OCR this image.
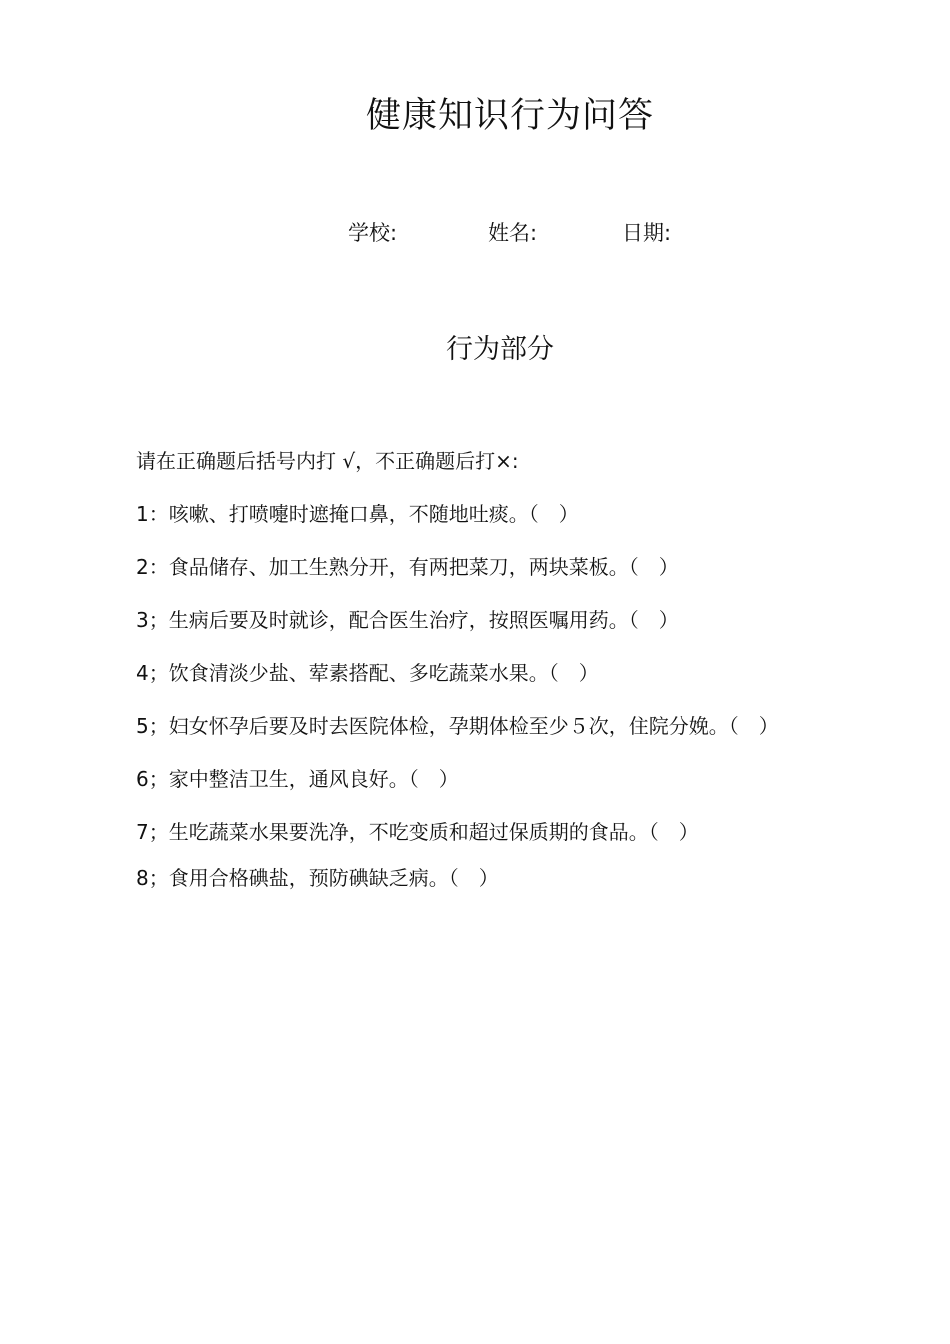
健康知识行为问答
学校:	姓名:	日期:
行为部分

请在正确题后括号内打 √，不正确题后打×:

1：咳嗽、打喷嚏时遮掩口鼻，不随地吐痰。（　）

2：食品储存、加工生熟分开，有两把菜刀，两块菜板。（　）

3；生病后要及时就诊，配合医生治疗，按照医嘱用药。（　）

4；饮食清淡少盐、荤素搭配、多吃蔬菜水果。（　）

5；妇女怀孕后要及时去医院体检，孕期体检至少５次，住院分娩。（　）

6；家中整洁卫生，通风良好。（　）

7；生吃蔬菜水果要洗净，不吃变质和超过保质期的食品。（　）

8；食用合格碘盐，预防碘缺乏病。（　）
